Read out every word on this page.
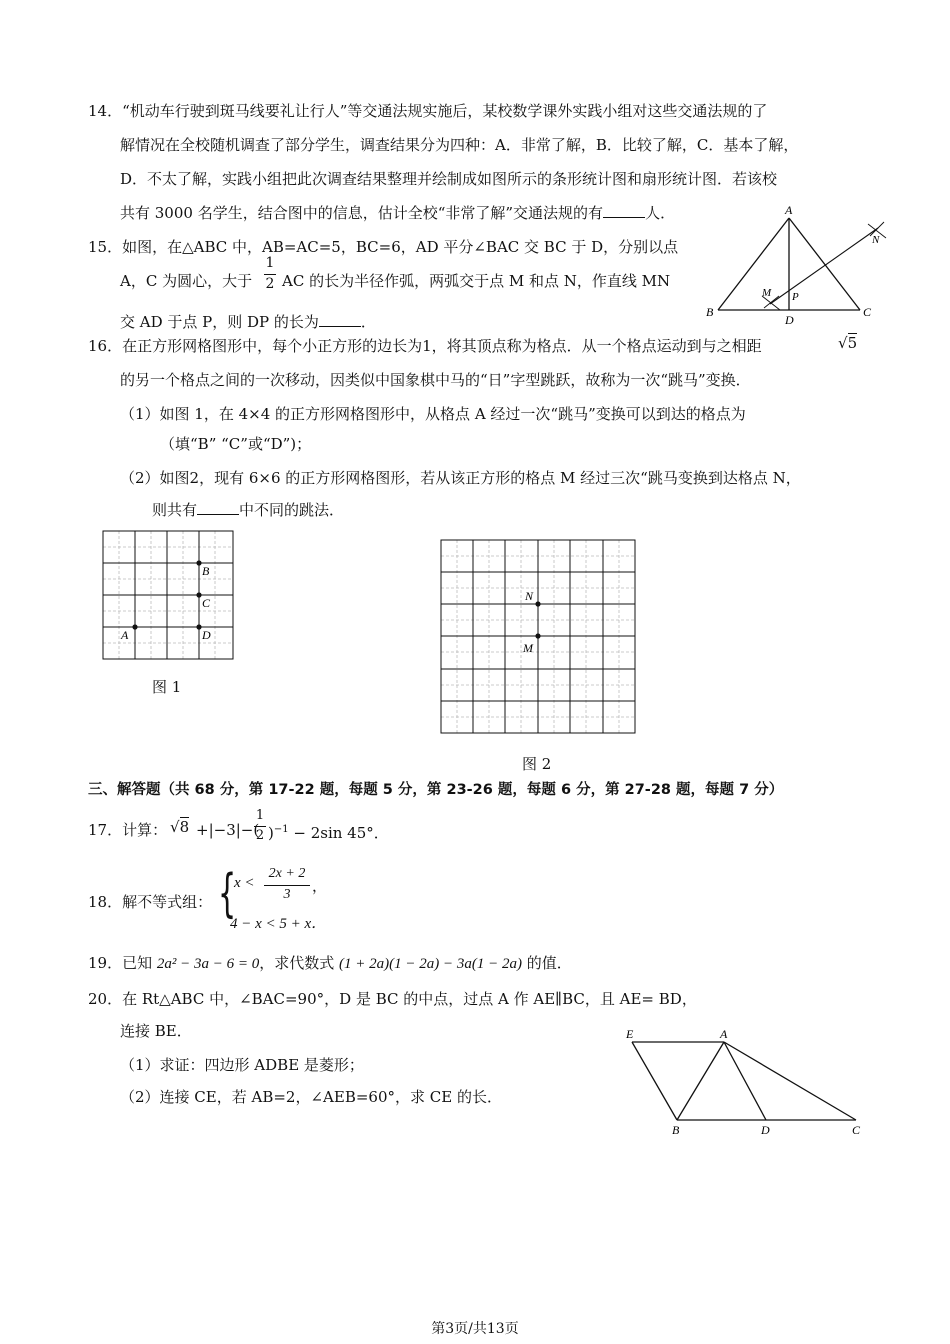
14．“机动车行驶到斑马线要礼让行人”等交通法规实施后，某校数学课外实践小组对这些交通法规的了
解情况在全校随机调查了部分学生，调查结果分为四种：A．非常了解，B．比较了解，C．基本了解，
D．不太了解，实践小组把此次调查结果整理并绘制成如图所示的条形统计图和扇形统计图．若该校
共有 3000 名学生，结合图中的信息，估计全校“非常了解”交通法规的有	人．
15．如图，在△ABC 中，AB=AC=5，BC=6，AD 平分∠BAC 交 BC 于 D，分别以点
A，C 为圆心，大于
1
2 AC 的长为半径作弧，两弧交于点 M 和点 N，作直线 MN
交 AD 于点 P，则 DP 的长为	．
A
B	C
D
M
N
P
16．在正方形网格图形中，每个小正方形的边长为1，将其顶点称为格点．从一个格点运动到与之相距	√5
的另一个格点之间的一次移动，因类似中国象棋中马的“日”字型跳跃，故称为一次“跳马”变换．
（1）如图 1，在 4×4 的正方形网格图形中，从格点 A 经过一次“跳马”变换可以到达的格点为
（填“B” “C”或“D”)；
（2）如图2，现有 6×6 的正方形网格图形，若从该正方形的格点 M 经过三次“跳马变换到达格点 N，
则共有	中不同的跳法．
A
B
C
D
图 1
N
M
图 2
三、解答题（共 68 分，第 17-22 题，每题 5 分，第 23-26 题，每题 6 分，第 27-28 题，每题 7 分）
17．计算： √8 +|−3|−(
1
2 )$^{-1}$ − 2sin 45°．
18．解不等式组： {
x <
2x + 2
3	，
4 − x < 5 + x．
19．已知 2a² − 3a − 6 = 0，求代数式 (1 + 2a)(1 − 2a) − 3a(1 − 2a) 的值．
20．在 Rt△ABC 中，∠BAC=90°，D 是 BC 的中点，过点 A 作 AE∥BC，且 AE= BD，
连接 BE．
（1）求证：四边形 ADBE 是菱形；
（2）连接 CE，若 AB=2，∠AEB=60°，求 CE 的长．
E	A
B	D	C
第3页/共13页
